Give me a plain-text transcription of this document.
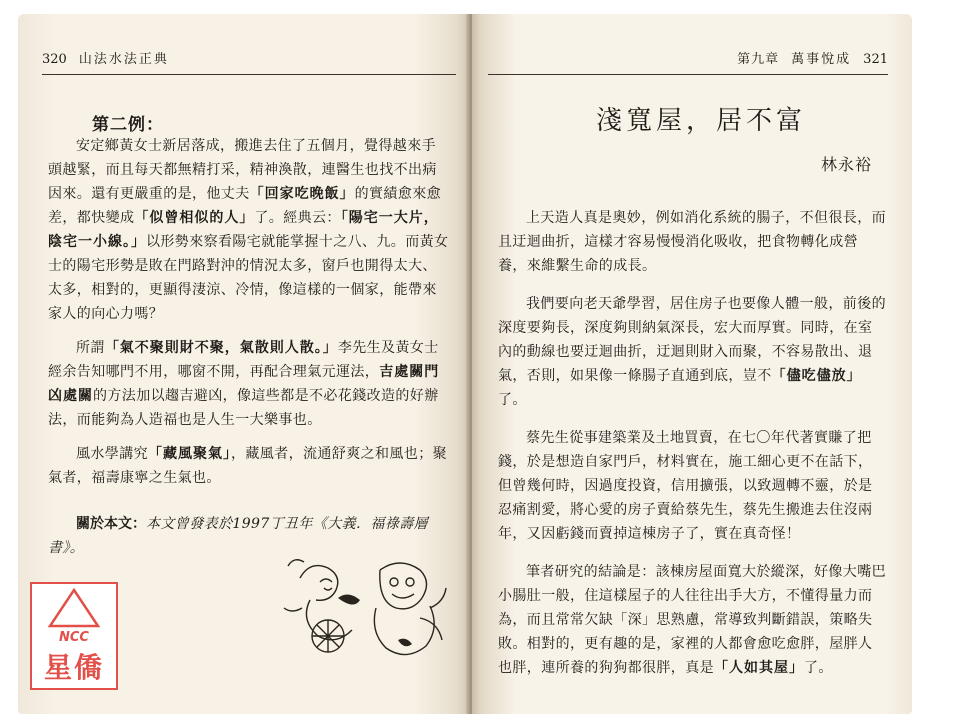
320 山法水法正典
第二例：

安定鄉黃女士新居落成，搬進去住了五個月，覺得越來手頭越緊，而且每天都無精打采，精神渙散，連醫生也找不出病因來。還有更嚴重的是，他丈夫「回家吃晚飯」的實績愈來愈差，都快變成「似曾相似的人」了。經典云：「陽宅一大片，陰宅一小線。」以形勢來察看陽宅就能掌握十之八、九。而黃女士的陽宅形勢是敗在門路對沖的情況太多，窗戶也開得太大、太多，相對的，更顯得淒涼、冷情，像這樣的一個家，能帶來家人的向心力嗎？

所謂「氣不聚則財不聚，氣散則人散。」李先生及黃女士經余告知哪門不用，哪窗不開，再配合理氣元運法，吉處關門凶處關的方法加以趨吉避凶，像這些都是不必花錢改造的好辦法，而能夠為人造福也是人生一大樂事也。

風水學講究「藏風聚氣」，藏風者，流通舒爽之和風也；聚氣者，福壽康寧之生氣也。

關於本文：本文曾發表於1997丁丑年《大義．福祿壽層書》。

第九章 萬事悅成 321
淺寬屋，居不富
林永裕

上天造人真是奧妙，例如消化系統的腸子，不但很長，而且迂迴曲折，這樣才容易慢慢消化吸收，把食物轉化成營養，來維繫生命的成長。

我們要向老天爺學習，居住房子也要像人體一般，前後的深度要夠長，深度夠則納氣深長，宏大而厚實。同時，在室內的動線也要迂迴曲折，迂迴則財入而聚，不容易散出、退氣，否則，如果像一條腸子直通到底，豈不「儘吃儘放」了。

蔡先生從事建築業及土地買賣，在七〇年代著實賺了把錢，於是想造自家門戶，材料實在，施工細心更不在話下，但曾幾何時，因過度投資，信用擴張，以致週轉不靈，於是忍痛割愛，將心愛的房子賣給蔡先生，蔡先生搬進去住沒兩年，又因虧錢而賣掉這棟房子了，實在真奇怪！

筆者研究的結論是：該棟房屋面寬大於縱深，好像大嘴巴小腸肚一般，住這樣屋子的人往往出手大方，不懂得量力而為，而且常常欠缺「深」思熟慮，常導致判斷錯誤，策略失敗。相對的，更有趣的是，家裡的人都會愈吃愈胖，屋胖人也胖，連所養的狗狗都很胖，真是「人如其屋」了。

NCC
星僑
